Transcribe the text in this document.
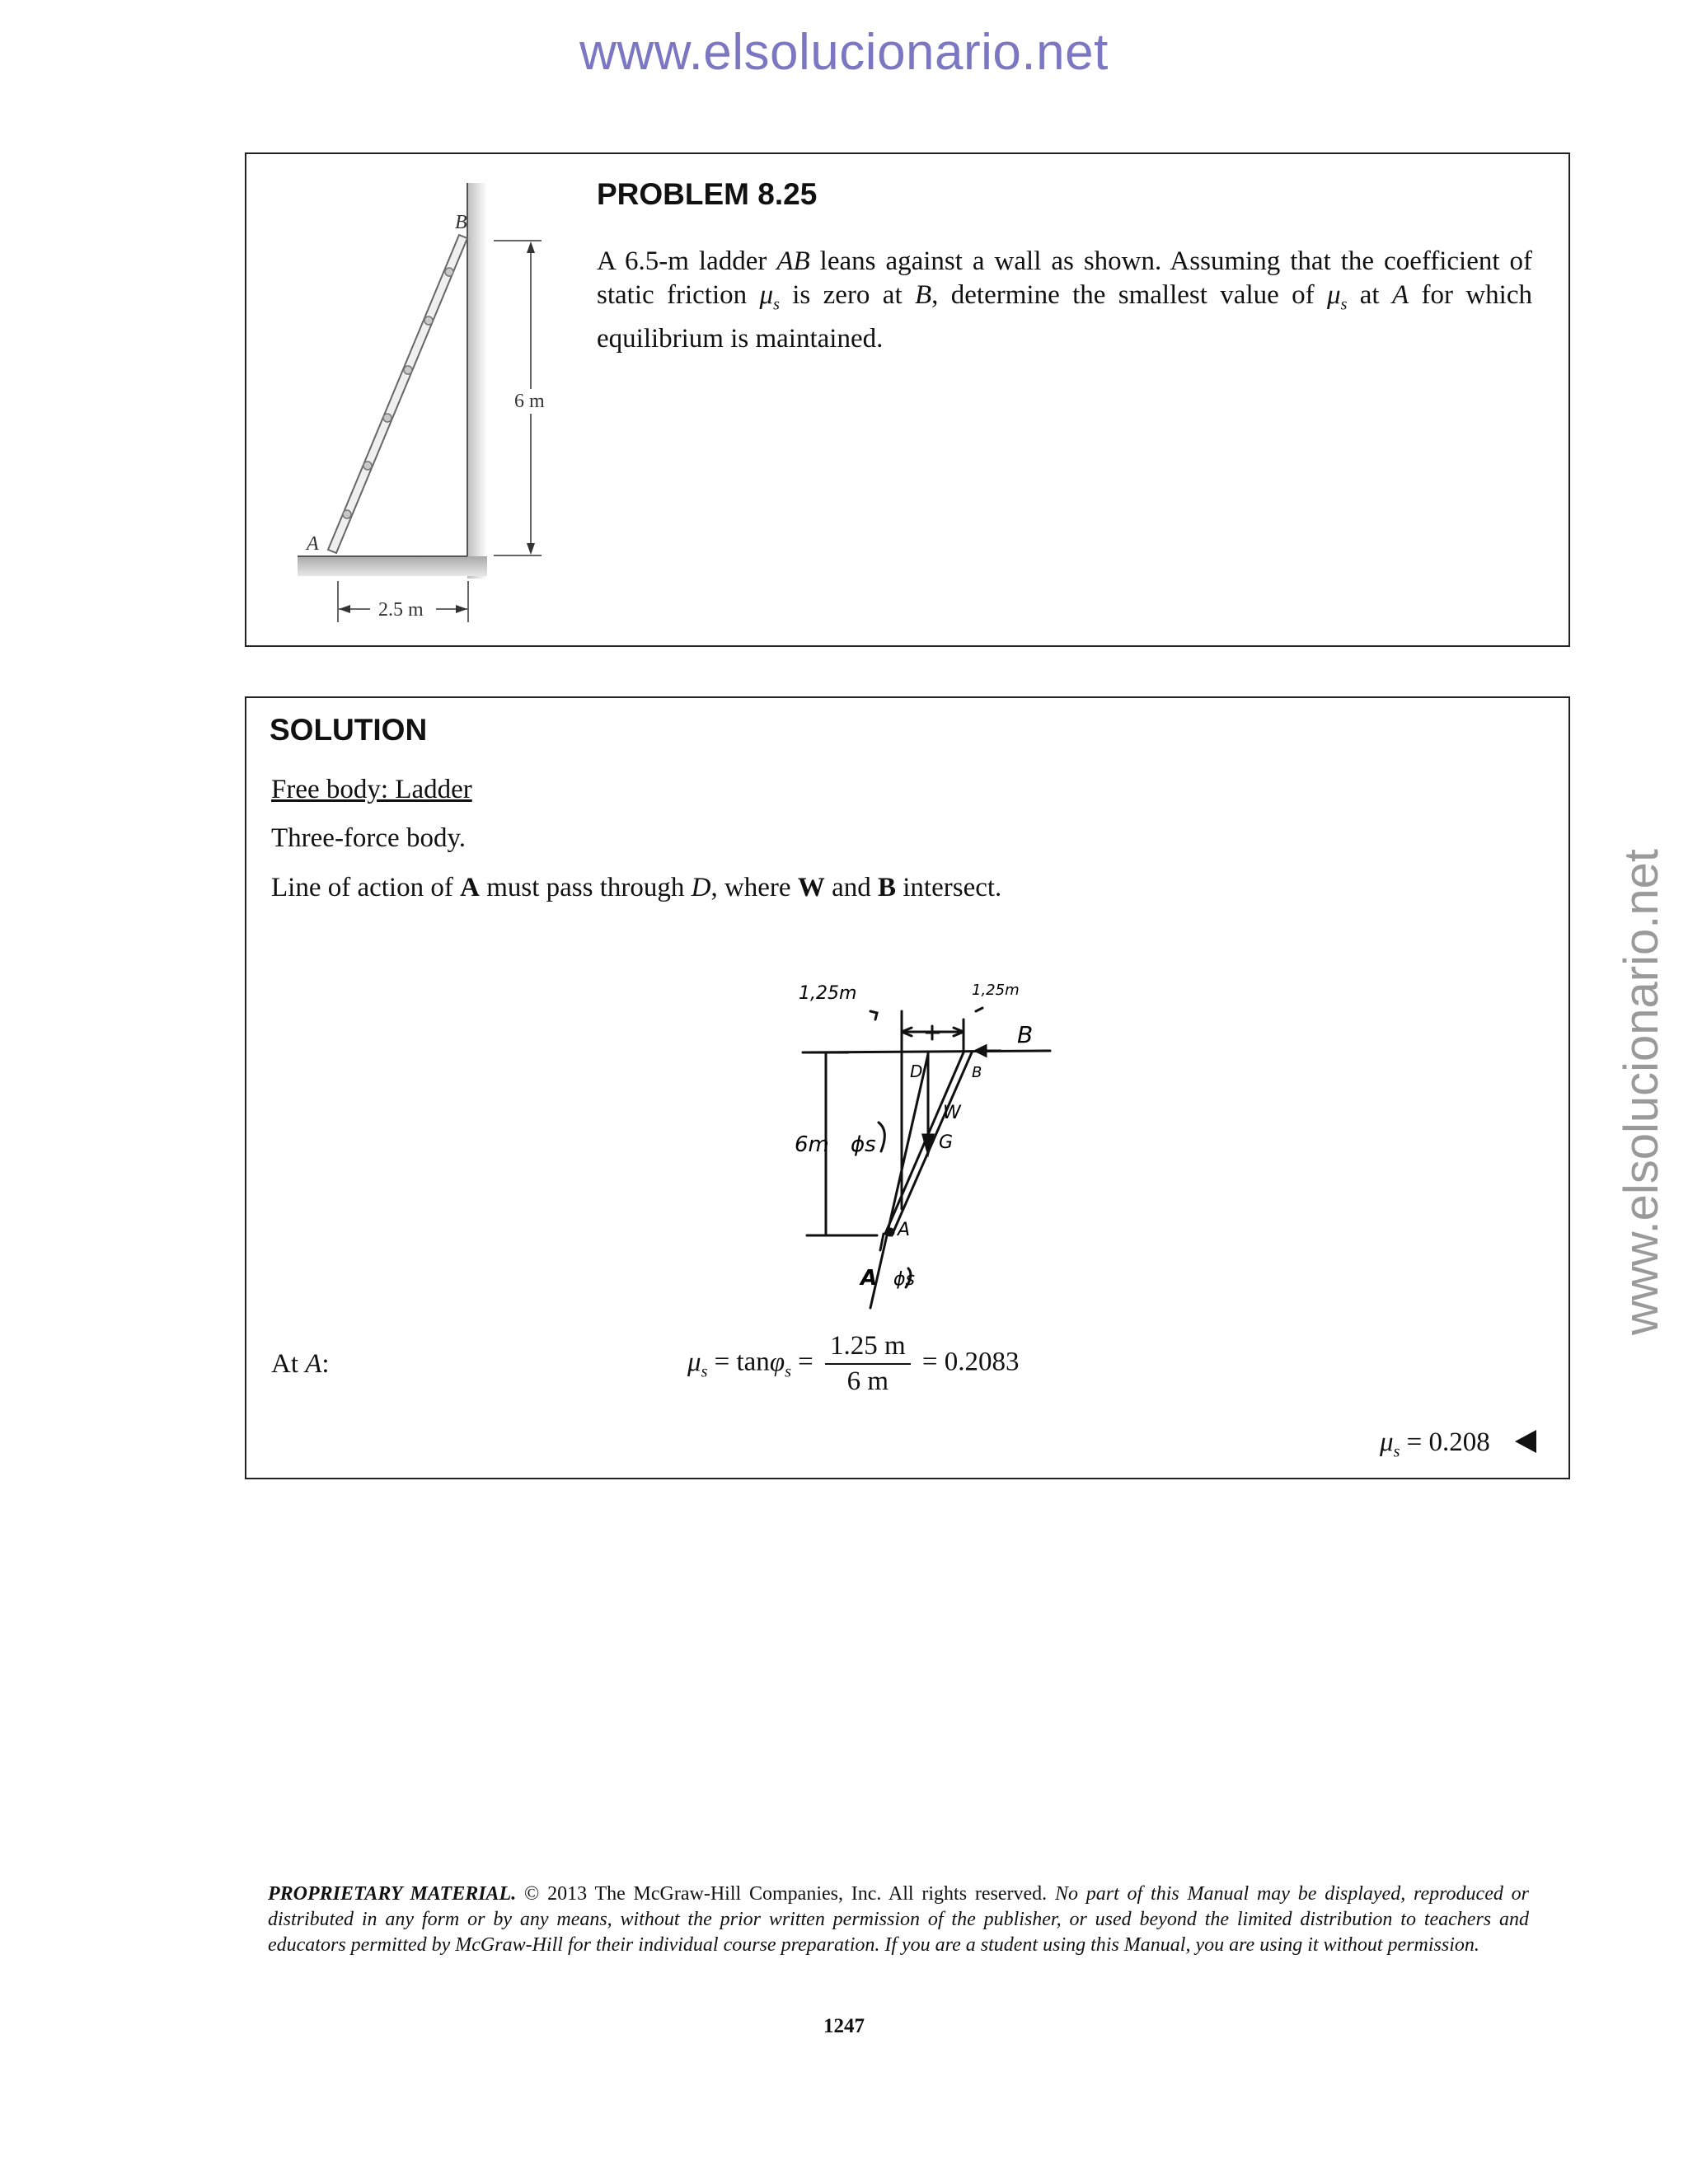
www.elsolucionario.net
www.elsolucionario.net
B
A
6 m
2.5 m
PROBLEM 8.25
A 6.5-m ladder AB leans against a wall as shown. Assuming that the coefficient of static friction $\mu_s$ is zero at B, determine the smallest value of $\mu_s$ at A for which equilibrium is maintained.
SOLUTION
Free body: Ladder
Three-force body.
Line of action of A must pass through D, where W and B intersect.
1,25m	1,25m
B
D	B
W
G
6m ϕs
A
A ϕs
At A:	$\mu_s = \tan\varphi_s = \frac{1.25 m}{6 m} = 0.2083$
$\mu_s = 0.208$
PROPRIETARY MATERIAL. © 2013 The McGraw-Hill Companies, Inc. All rights reserved. No part of this Manual may be displayed, reproduced or distributed in any form or by any means, without the prior written permission of the publisher, or used beyond the limited distribution to teachers and educators permitted by McGraw-Hill for their individual course preparation. If you are a student using this Manual, you are using it without permission.
1247
